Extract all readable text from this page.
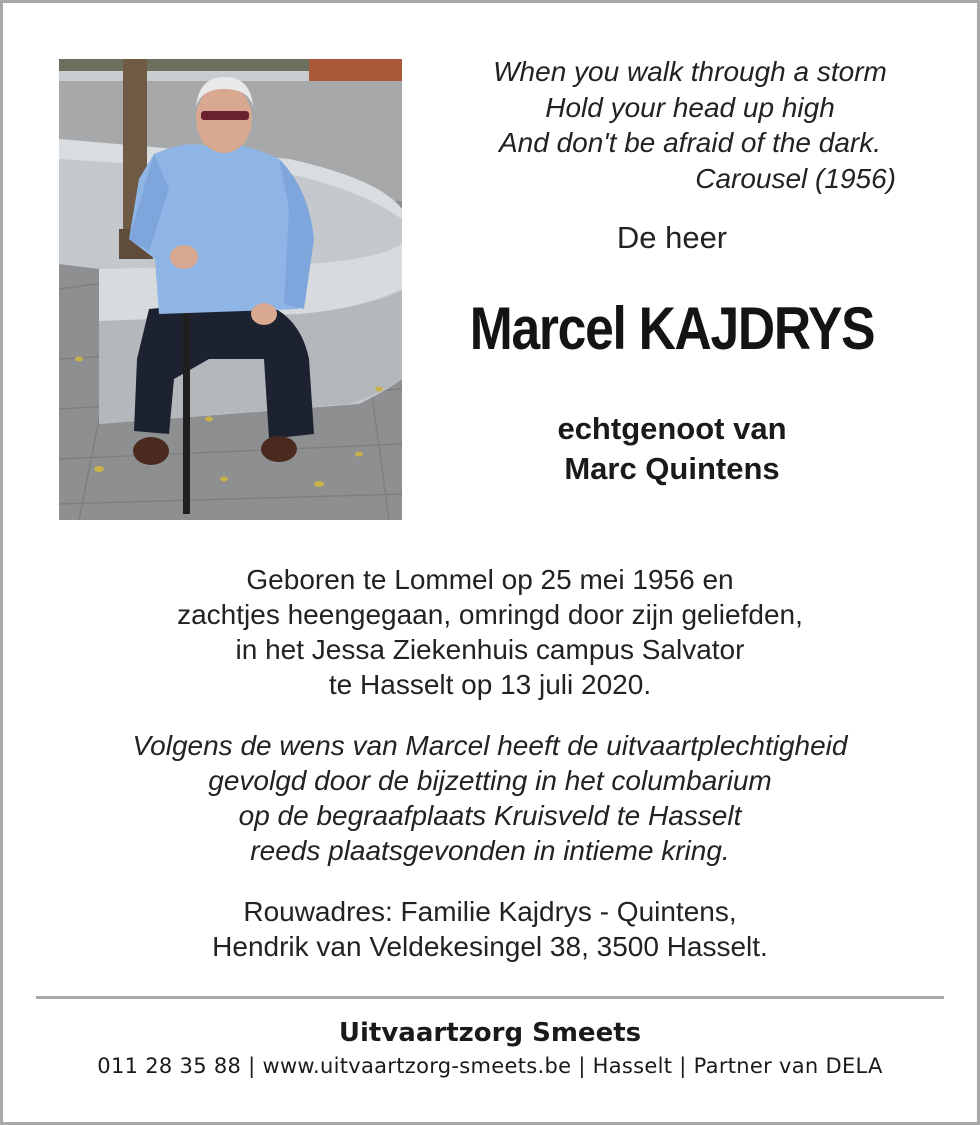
When you walk through a storm
Hold your head up high
And don't be afraid of the dark.
Carousel (1956)
De heer
Marcel KAJDRYS
echtgenoot van
Marc Quintens
Geboren te Lommel op 25 mei 1956 en
zachtjes heengegaan, omringd door zijn geliefden,
in het Jessa Ziekenhuis campus Salvator
te Hasselt op 13 juli 2020.
Volgens de wens van Marcel heeft de uitvaartplechtigheid
gevolgd door de bijzetting in het columbarium
op de begraafplaats Kruisveld te Hasselt
reeds plaatsgevonden in intieme kring.
Rouwadres: Familie Kajdrys - Quintens,
Hendrik van Veldekesingel 38, 3500 Hasselt.
Uitvaartzorg Smeets
011 28 35 88 | www.uitvaartzorg-smeets.be | Hasselt | Partner van DELA
